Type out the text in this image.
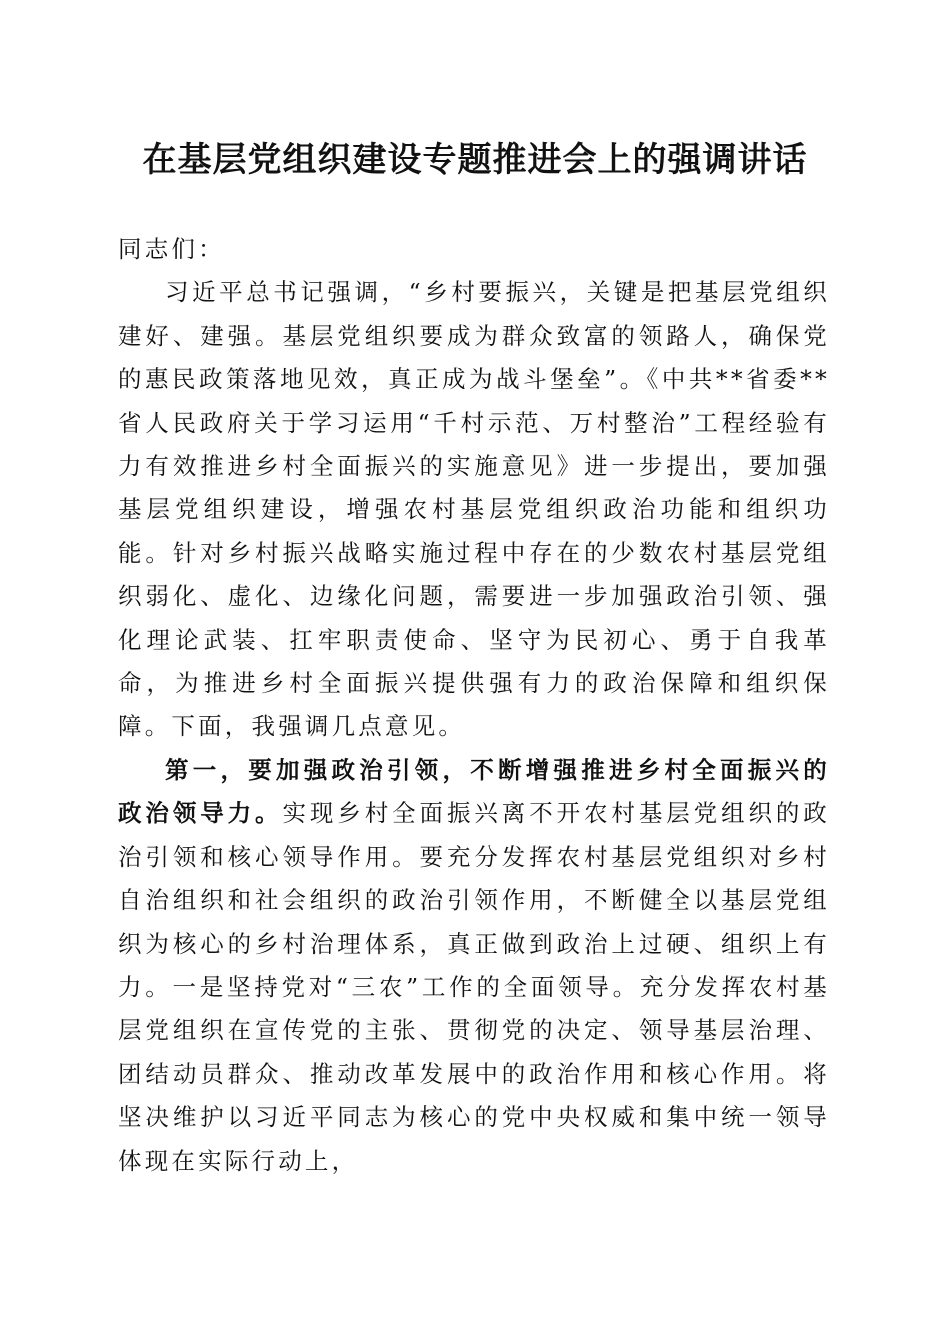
在基层党组织建设专题推进会上的强调讲话

同志们：

习近平总书记强调，“乡村要振兴，关键是把基层党组织建好、建强。基层党组织要成为群众致富的领路人，确保党的惠民政策落地见效，真正成为战斗堡垒”。《中共**省委**省人民政府关于学习运用“千村示范、万村整治”工程经验有力有效推进乡村全面振兴的实施意见》进一步提出，要加强基层党组织建设，增强农村基层党组织政治功能和组织功能。针对乡村振兴战略实施过程中存在的少数农村基层党组织弱化、虚化、边缘化问题，需要进一步加强政治引领、强化理论武装、扛牢职责使命、坚守为民初心、勇于自我革命，为推进乡村全面振兴提供强有力的政治保障和组织保障。下面，我强调几点意见。

第一，要加强政治引领，不断增强推进乡村全面振兴的政治领导力。实现乡村全面振兴离不开农村基层党组织的政治引领和核心领导作用。要充分发挥农村基层党组织对乡村自治组织和社会组织的政治引领作用，不断健全以基层党组织为核心的乡村治理体系，真正做到政治上过硬、组织上有力。一是坚持党对“三农”工作的全面领导。充分发挥农村基层党组织在宣传党的主张、贯彻党的决定、领导基层治理、团结动员群众、推动改革发展中的政治作用和核心作用。将坚决维护以习近平同志为核心的党中央权威和集中统一领导体现在实际行动上，
